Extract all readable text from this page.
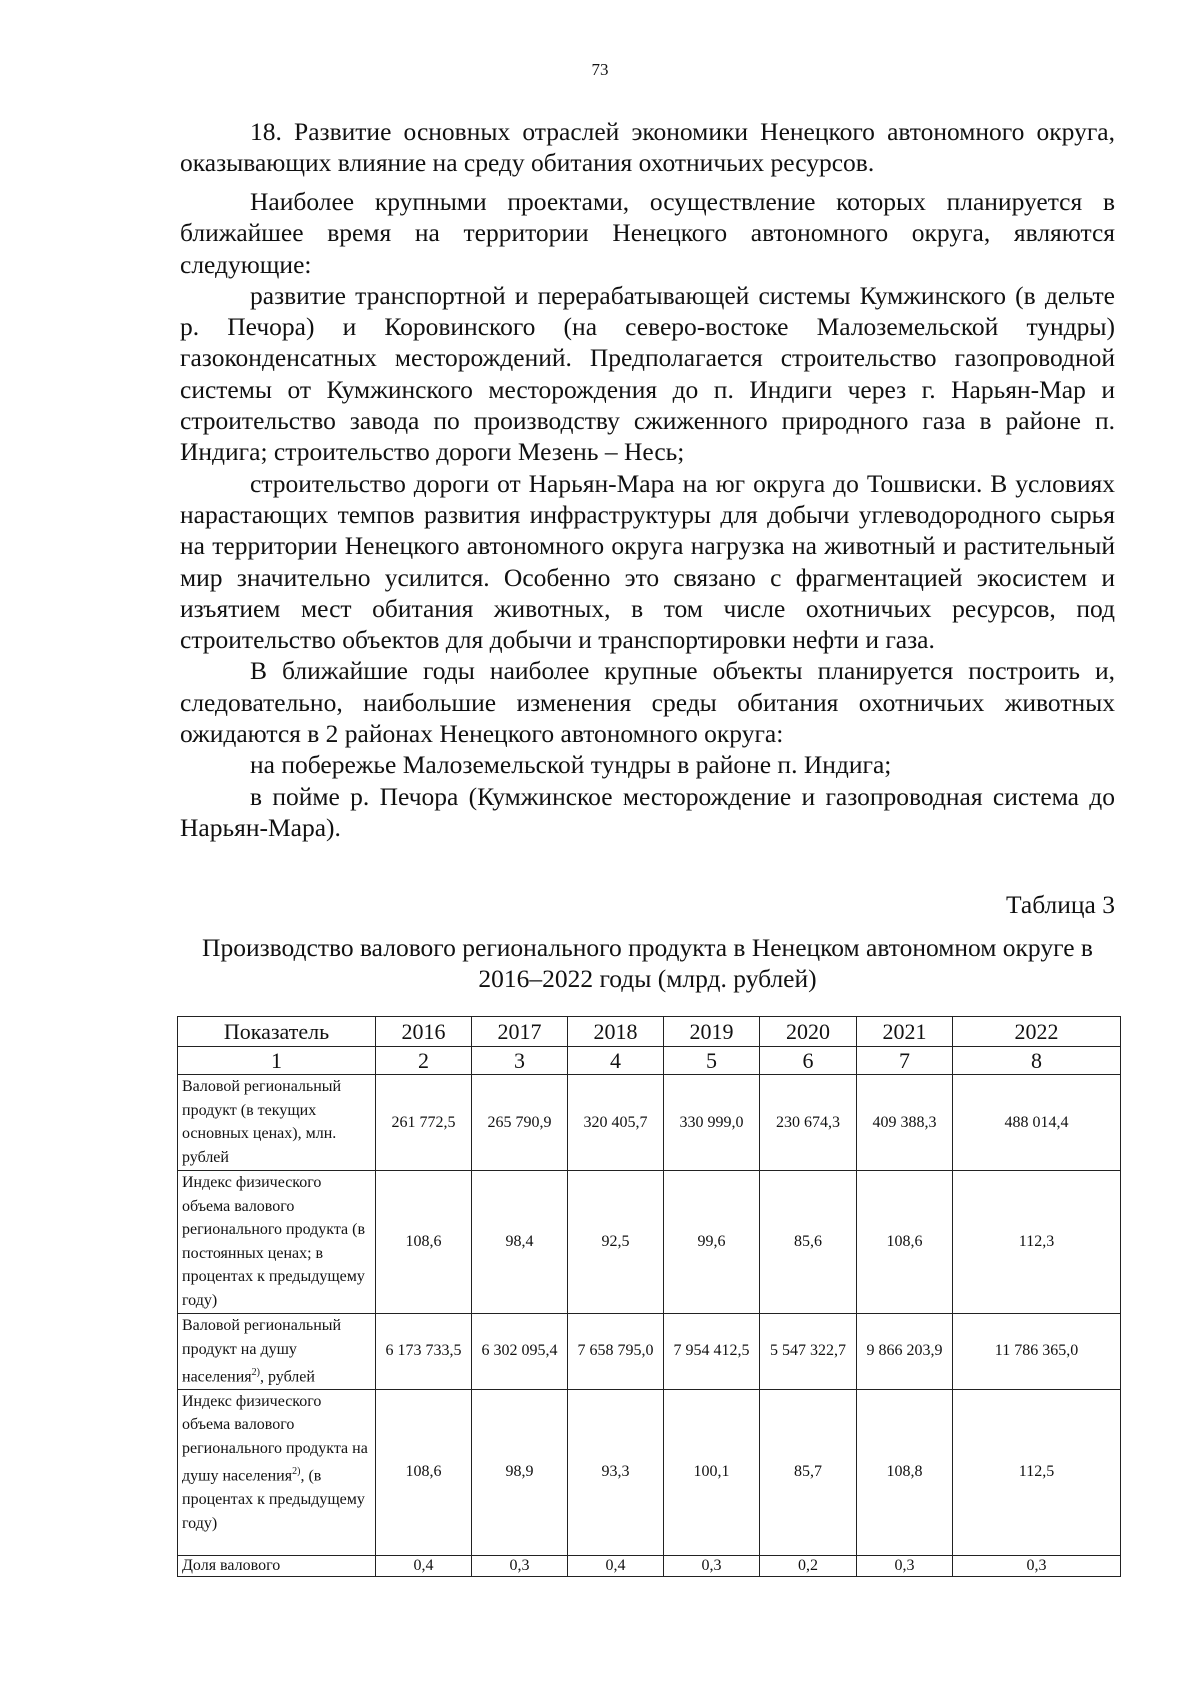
73

18. Развитие основных отраслей экономики Ненецкого автономного округа, оказывающих влияние на среду обитания охотничьих ресурсов.

Наиболее крупными проектами, осуществление которых планируется в ближайшее время на территории Ненецкого автономного округа, являются следующие:

развитие транспортной и перерабатывающей системы Кумжинского (в дельте р. Печора) и Коровинского (на северо-востоке Малоземельской тундры) газоконденсатных месторождений. Предполагается строительство газопроводной системы от Кумжинского месторождения до п. Индиги через г. Нарьян-Мар и строительство завода по производству сжиженного природного газа в районе п. Индига; строительство дороги Мезень – Несь;

строительство дороги от Нарьян-Мара на юг округа до Тошвиски. В условиях нарастающих темпов развития инфраструктуры для добычи углеводородного сырья на территории Ненецкого автономного округа нагрузка на животный и растительный мир значительно усилится. Особенно это связано с фрагментацией экосистем и изъятием мест обитания животных, в том числе охотничьих ресурсов, под строительство объектов для добычи и транспортировки нефти и газа.

В ближайшие годы наиболее крупные объекты планируется построить и, следовательно, наибольшие изменения среды обитания охотничьих животных ожидаются в 2 районах Ненецкого автономного округа:

на побережье Малоземельской тундры в районе п. Индига;

в пойме р. Печора (Кумжинское месторождение и газопроводная система до Нарьян-Мара).

Таблица 3
Производство валового регионального продукта в Ненецком автономном округе в 2016–2022 годы (млрд. рублей)
Показатель	2016	2017	2018	2019	2020	2021	2022
1	2	3	4	5	6	7	8
Валовой региональный продукт (в текущих основных ценах), млн. рублей	261 772,5	265 790,9	320 405,7	330 999,0	230 674,3	409 388,3	488 014,4
Индекс физического объема валового регионального продукта (в постоянных ценах; в процентах к предыдущему году)	108,6	98,4	92,5	99,6	85,6	108,6	112,3
Валовой региональный продукт на душу населения$^{2)}$, рублей	6 173 733,5	6 302 095,4	7 658 795,0	7 954 412,5	5 547 322,7	9 866 203,9	11 786 365,0
Индекс физического объема валового регионального продукта на душу населения$^{2)}$, (в процентах к предыдущему году)	108,6	98,9	93,3	100,1	85,7	108,8	112,5
Доля валового	0,4	0,3	0,4	0,3	0,2	0,3	0,3
